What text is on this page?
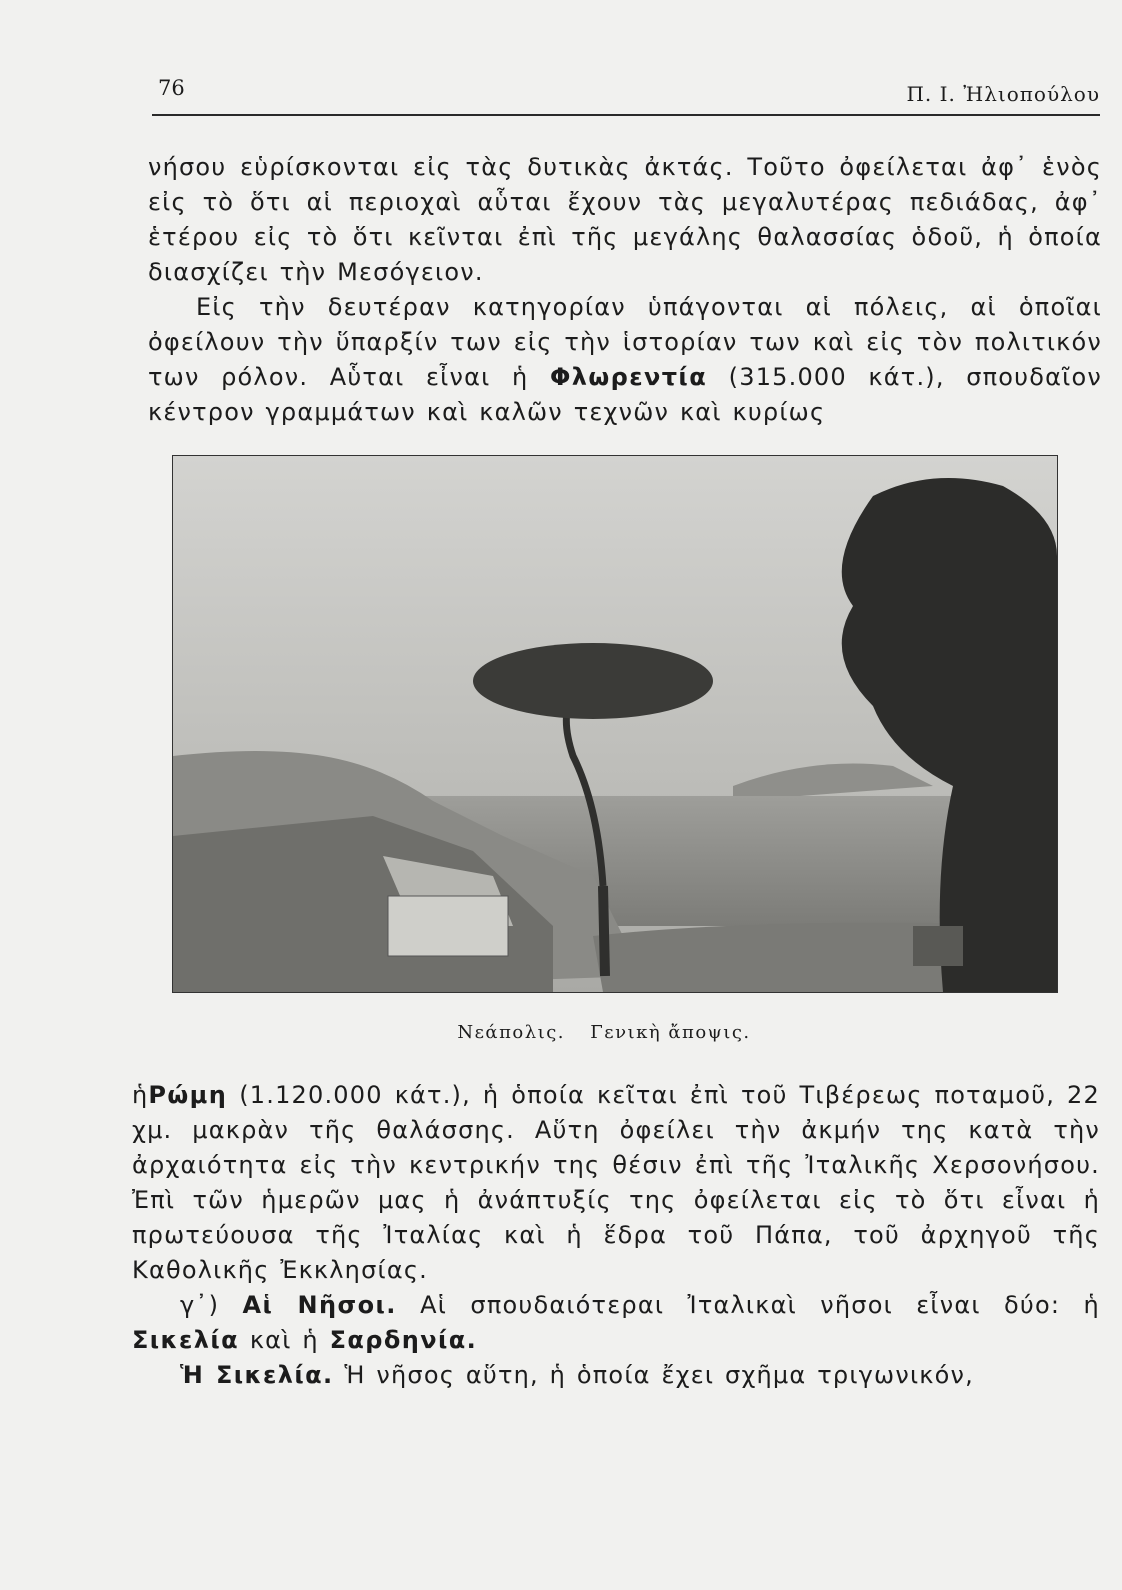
76	Π. Ι. Ἠλιοπούλου

νήσου εὑρίσκονται εἰς τὰς δυτικὰς ἀκτάς. Τοῦτο ὀφείλεται ἀφ᾽ ἑνὸς εἰς τὸ ὅτι αἱ περιοχαὶ αὗται ἔχουν τὰς μεγαλυτέρας πεδιάδας, ἀφ᾽ ἑτέρου εἰς τὸ ὅτι κεῖνται ἐπὶ τῆς μεγάλης θαλασσίας ὁδοῦ, ἡ ὁποία διασχίζει τὴν Μεσόγειον.

Εἰς τὴν δευτέραν κατηγορίαν ὑπάγονται αἱ πόλεις, αἱ ὁποῖαι ὀφείλουν τὴν ὕπαρξίν των εἰς τὴν ἱστορίαν των καὶ εἰς τὸν πολιτικόν των ρόλον. Αὗται εἶναι ἡ Φλωρεντία (315.000 κάτ.), σπουδαῖον κέντρον γραμμάτων καὶ καλῶν τεχνῶν καὶ κυρίως

Νεάπολις. Γενικὴ ἄποψις.

ἡΡώμη (1.120.000 κάτ.), ἡ ὁποία κεῖται ἐπὶ τοῦ Τιβέρεως ποταμοῦ, 22 χμ. μακρὰν τῆς θαλάσσης. Αὕτη ὀφείλει τὴν ἀκμήν της κατὰ τὴν ἀρχαιότητα εἰς τὴν κεντρικήν της θέσιν ἐπὶ τῆς Ἰταλικῆς Χερσονήσου. Ἐπὶ τῶν ἡμερῶν μας ἡ ἀνάπτυξίς της ὀφείλεται εἰς τὸ ὅτι εἶναι ἡ πρωτεύουσα τῆς Ἰταλίας καὶ ἡ ἕδρα τοῦ Πάπα, τοῦ ἀρχηγοῦ τῆς Καθολικῆς Ἐκκλησίας.

γ᾽) Αἱ Νῆσοι. Αἱ σπουδαιότεραι Ἰταλικαὶ νῆσοι εἶναι δύο: ἡ Σικελία καὶ ἡ Σαρδηνία.

Ἡ Σικελία. Ἡ νῆσος αὕτη, ἡ ὁποία ἔχει σχῆμα τριγωνικόν,
